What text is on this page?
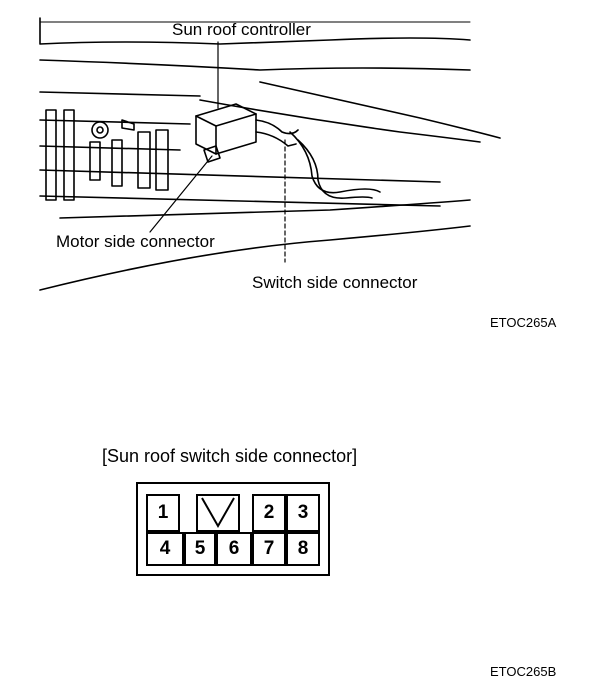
Sun roof controller
Motor side connector
Switch side connector
ETOC265A
[Sun roof switch side connector]
1	2	3
4	5	6	7	8
ETOC265B
